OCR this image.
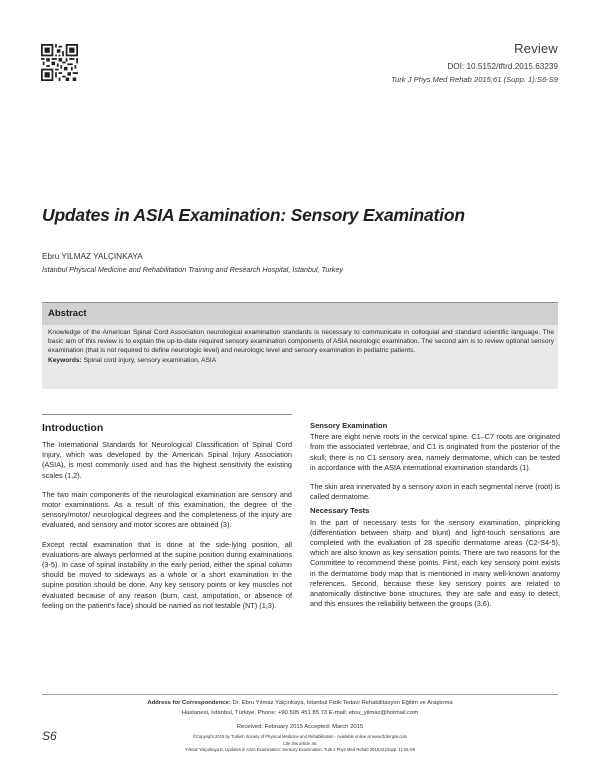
Review
DOI: 10.5152/tftrd.2015.63239
Turk J Phys Med Rehab 2015;61 (Supp. 1):S6-S9
Updates in ASIA Examination: Sensory Examination
Ebru YILMAZ YALÇINKAYA
İstanbul Physical Medicine and Rehabilitation Training and Research Hospital, İstanbul, Turkey
Abstract
Knowledge of the American Spinal Cord Association neurological examination standards is necessary to communicate in colloquial and standard scientific language. The basic aim of this review is to explain the up-to-date required sensory examination components of ASIA neurologic examination. The second aim is to review optional sensory examination (that is not required to define neurologic level) and neurologic level and sensory examination in pediatric patients.
Keywords: Spinal cord injury, sensory examination, ASIA
Introduction

The International Standards for Neurological Classification of Spinal Cord Injury, which was developed by the American Spinal Injury Association (ASIA), is most commonly used and has the highest sensitivity the existing scales (1,2).

The two main components of the neurological examination are sensory and motor examinations. As a result of this examination, the degree of the sensory/motor/ neurological degrees and the completeness of the injury are evaluated, and sensory and motor scores are obtained (3).

Except rectal examination that is done at the side-lying position, all evaluations are always performed at the supine position during examinations (3-5). In case of spinal instability in the early period, either the spinal column should be moved to sideways as a whole or a short examination in the supine position should be done. Any key sensory points or key muscles not evaluated because of any reason (burn, cast, amputation, or absence of feeling on the patient’s face) should be named as not testable (NT) (1,3).

Sensory Examination

There are eight nerve roots in the cervical spine. C1–C7 roots are originated from the associated vertebrae, and C1 is originated from the posterior of the skull; there is no C1 sensory area, namely dermatome, which can be tested in accordance with the ASIA international examination standards (1).

The skin area innervated by a sensory axon in each segmental nerve (root) is called dermatome.

Necessary Tests

In the part of necessary tests for the sensory examination, pinpricking (differentiation between sharp and blunt) and light-touch sensations are completed with the evaluation of 28 specific dermatome areas (C2-S4-5), which are also known as key sensation points. There are two reasons for the Committee to recommend these points. First, each key sensory point exists in the dermatome body map that is mentioned in many well-known anatomy references. Second, because these key sensory points are related to anatomically distinctive bone structures, they are safe and easy to detect, and this ensures the reliability between the groups (3,6).

Address for Correspondence: Dr. Ebru Yılmaz Yalçınkaya, İstanbul Fizik Tedavi Rehabilitasyon Eğitim ve Araştırma
Hastanesi, İstanbul, Türkiye. Phone: +90 505 451 85 73 E-mail: ebru_yilmaz@hotmail.com
Received: February 2015 Accepted: March 2015
©Copyright 2015 by Turkish Society of Physical Medicine and Rehabilitation - Available online at www.ftrdergisi.com
Cite this article as:
Yılmaz Yalçınkaya E. Updates in ASIA Examination: Sensory Examination. Turk J Phys Med Rehab 2015;61(Supp. 1):S6-S9
S6
